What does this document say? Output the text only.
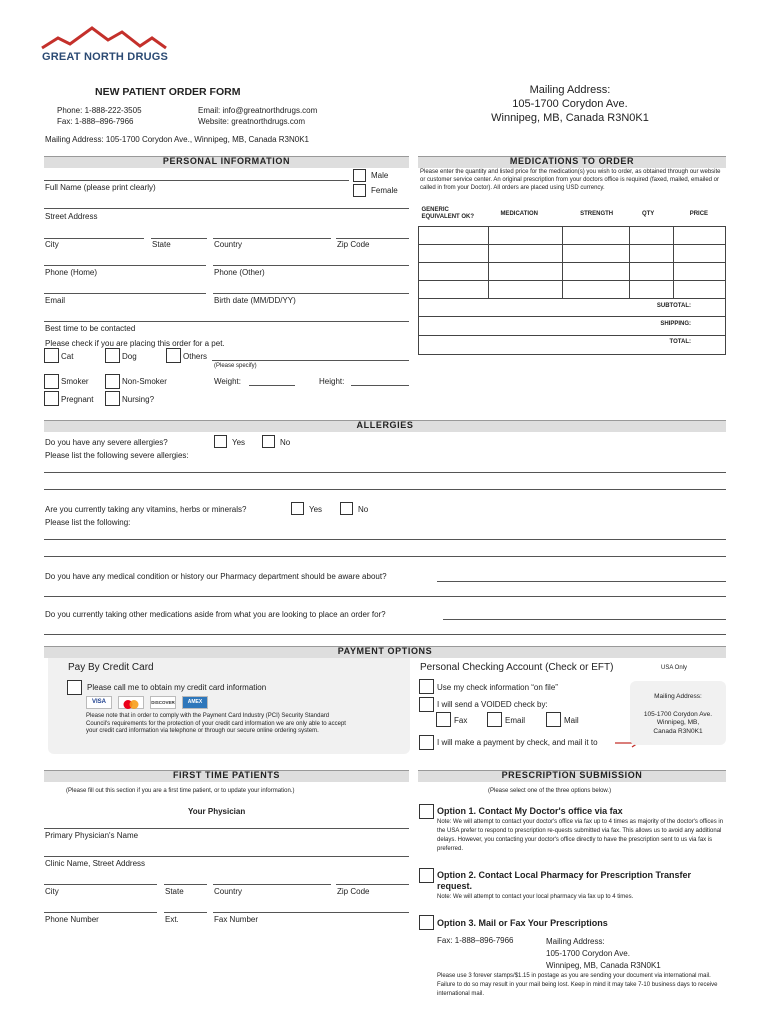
GREAT NORTH DRUGS
NEW PATIENT ORDER FORM
Phone: 1-888-222-3505
Fax: 1-888–896-7966
Email: info@greatnorthdrugs.com
Website: greatnorthdrugs.com
Mailing Address:
105-1700 Corydon Ave.
Winnipeg, MB, Canada R3N0K1
Mailing Address: 105-1700 Corydon Ave., Winnipeg, MB, Canada R3N0K1
PERSONAL INFORMATION
Male
Female
Full Name (please print clearly)
Street Address
City	State	Country	Zip Code
Phone (Home)	Phone (Other)
Email	Birth date (MM/DD/YY)
Best time to be contacted
Please check if you are placing this order for a pet.
Cat	Dog	Others
(Please specify)
Smoker	Non-Smoker	Weight:	Height:
Pregnant	Nursing?
MEDICATIONS TO ORDER
Please enter the quantity and listed price for the medication(s) you wish to order, as obtained through our website or customer service center. An original prescription from your doctors office is required (faxed, mailed, emailed or called in from your Doctor). All orders are placed using USD currency.
GENERIC EQUIVALENT OK?	MEDICATION	STRENGTH	QTY	PRICE

SUBTOTAL:
SHIPPING:
TOTAL:
ALLERGIES
Do you have any severe allergies?	Yes	No
Please list the following severe allergies:
Are you currently taking any vitamins, herbs or minerals?	Yes	No
Please list the following:
Do you have any medical condition or history our Pharmacy department should be aware about?
Do you currently taking other medications aside from what you are looking to place an order for?
PAYMENT OPTIONS
Pay By Credit Card
Please call me to obtain my credit card information
VISA	DISCOVER	AMEX
Please note that in order to comply with the Payment Card Industry (PCI) Security Standard Council's requirements for the protection of your credit card information we are only able to accept your credit card information via telephone or through our secure online ordering system.
Personal Checking Account (Check or EFT)	USA Only
Use my check information “on file”
I will send a VOIDED check by:
Fax	Email	Mail
I will make a payment by check, and mail it to
Mailing Address:
105-1700 Corydon Ave.
Winnipeg, MB,
Canada R3N0K1
FIRST TIME PATIENTS
(Please fill out this section if you are a first time patient, or to update your information.)
Your Physician
Primary Physician's Name
Clinic Name, Street Address
City	State	Country	Zip Code
Phone Number	Ext.	Fax Number
PRESCRIPTION SUBMISSION
(Please select one of the three options below.)
Option 1. Contact My Doctor's office via fax
Note: We will attempt to contact your doctor's office via fax up to 4 times as majority of the doctor's offices in the USA prefer to respond to prescription re-quests submitted via fax. This allows us to avoid any additional delays. However, you contacting your doctor's office directly to have the prescription sent to us via fax is preferred.
Option 2. Contact Local Pharmacy for Prescription Transfer request.
Note: We will attempt to contact your local pharmacy via fax up to 4 times.
Option 3. Mail or Fax Your Prescriptions
Fax: 1-888–896-7966	Mailing Address:
105-1700 Corydon Ave.
Winnipeg, MB, Canada R3N0K1
Please use 3 forever stamps/$1.15 in postage as you are sending your document via international mail. Failure to do so may result in your mail being lost. Keep in mind it may take 7-10 business days to receive international mail.
